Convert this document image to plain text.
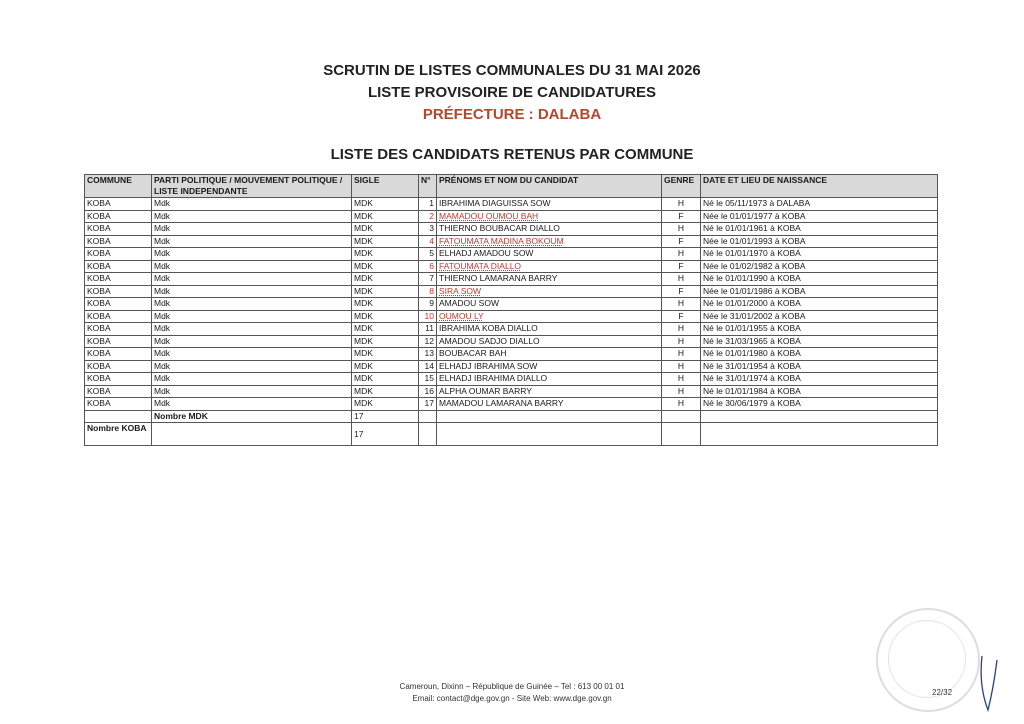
SCRUTIN DE LISTES COMMUNALES DU 31 MAI 2026
LISTE PROVISOIRE DE CANDIDATURES
PRÉFECTURE : DALABA
LISTE DES CANDIDATS RETENUS PAR COMMUNE
COMMUNE	PARTI POLITIQUE / MOUVEMENT POLITIQUE / LISTE INDEPENDANTE	SIGLE	N°	PRÉNOMS ET NOM DU CANDIDAT	GENRE	DATE ET LIEU DE NAISSANCE
KOBA	Mdk	MDK	1	IBRAHIMA DIAGUISSA SOW	H	Né le 05/11/1973 à DALABA
KOBA	Mdk	MDK	2	MAMADOU OUMOU BAH	F	Née le 01/01/1977 à KOBA
KOBA	Mdk	MDK	3	THIERNO BOUBACAR DIALLO	H	Né le 01/01/1961 à KOBA
KOBA	Mdk	MDK	4	FATOUMATA MADINA BOKOUM	F	Née le 01/01/1993 à KOBA
KOBA	Mdk	MDK	5	ELHADJ AMADOU SOW	H	Né le 01/01/1970 à KOBA
KOBA	Mdk	MDK	6	FATOUMATA DIALLO	F	Née le 01/02/1982 à KOBA
KOBA	Mdk	MDK	7	THIERNO LAMARANA BARRY	H	Né le 01/01/1990 à KOBA
KOBA	Mdk	MDK	8	SIRA SOW	F	Née le 01/01/1986 à KOBA
KOBA	Mdk	MDK	9	AMADOU SOW	H	Né le 01/01/2000 à KOBA
KOBA	Mdk	MDK	10	OUMOU LY	F	Née le 31/01/2002 à KOBA
KOBA	Mdk	MDK	11	IBRAHIMA KOBA DIALLO	H	Né le 01/01/1955 à KOBA
KOBA	Mdk	MDK	12	AMADOU SADJO DIALLO	H	Né le 31/03/1965 à KOBA
KOBA	Mdk	MDK	13	BOUBACAR BAH	H	Né le 01/01/1980 à KOBA
KOBA	Mdk	MDK	14	ELHADJ IBRAHIMA SOW	H	Né le 31/01/1954 à KOBA
KOBA	Mdk	MDK	15	ELHADJ IBRAHIMA DIALLO	H	Né le 31/01/1974 à KOBA
KOBA	Mdk	MDK	16	ALPHA OUMAR BARRY	H	Né le 01/01/1984 à KOBA
KOBA	Mdk	MDK	17	MAMADOU LAMARANA BARRY	H	Né le 30/06/1979 à KOBA
	Nombre MDK	17				
Nombre KOBA		17				
Cameroun, Dixinn – République de Guinée – Tel : 613 00 01 01
Email: contact@dge.gov.gn - Site Web: www.dge.gov.gn
22/32
